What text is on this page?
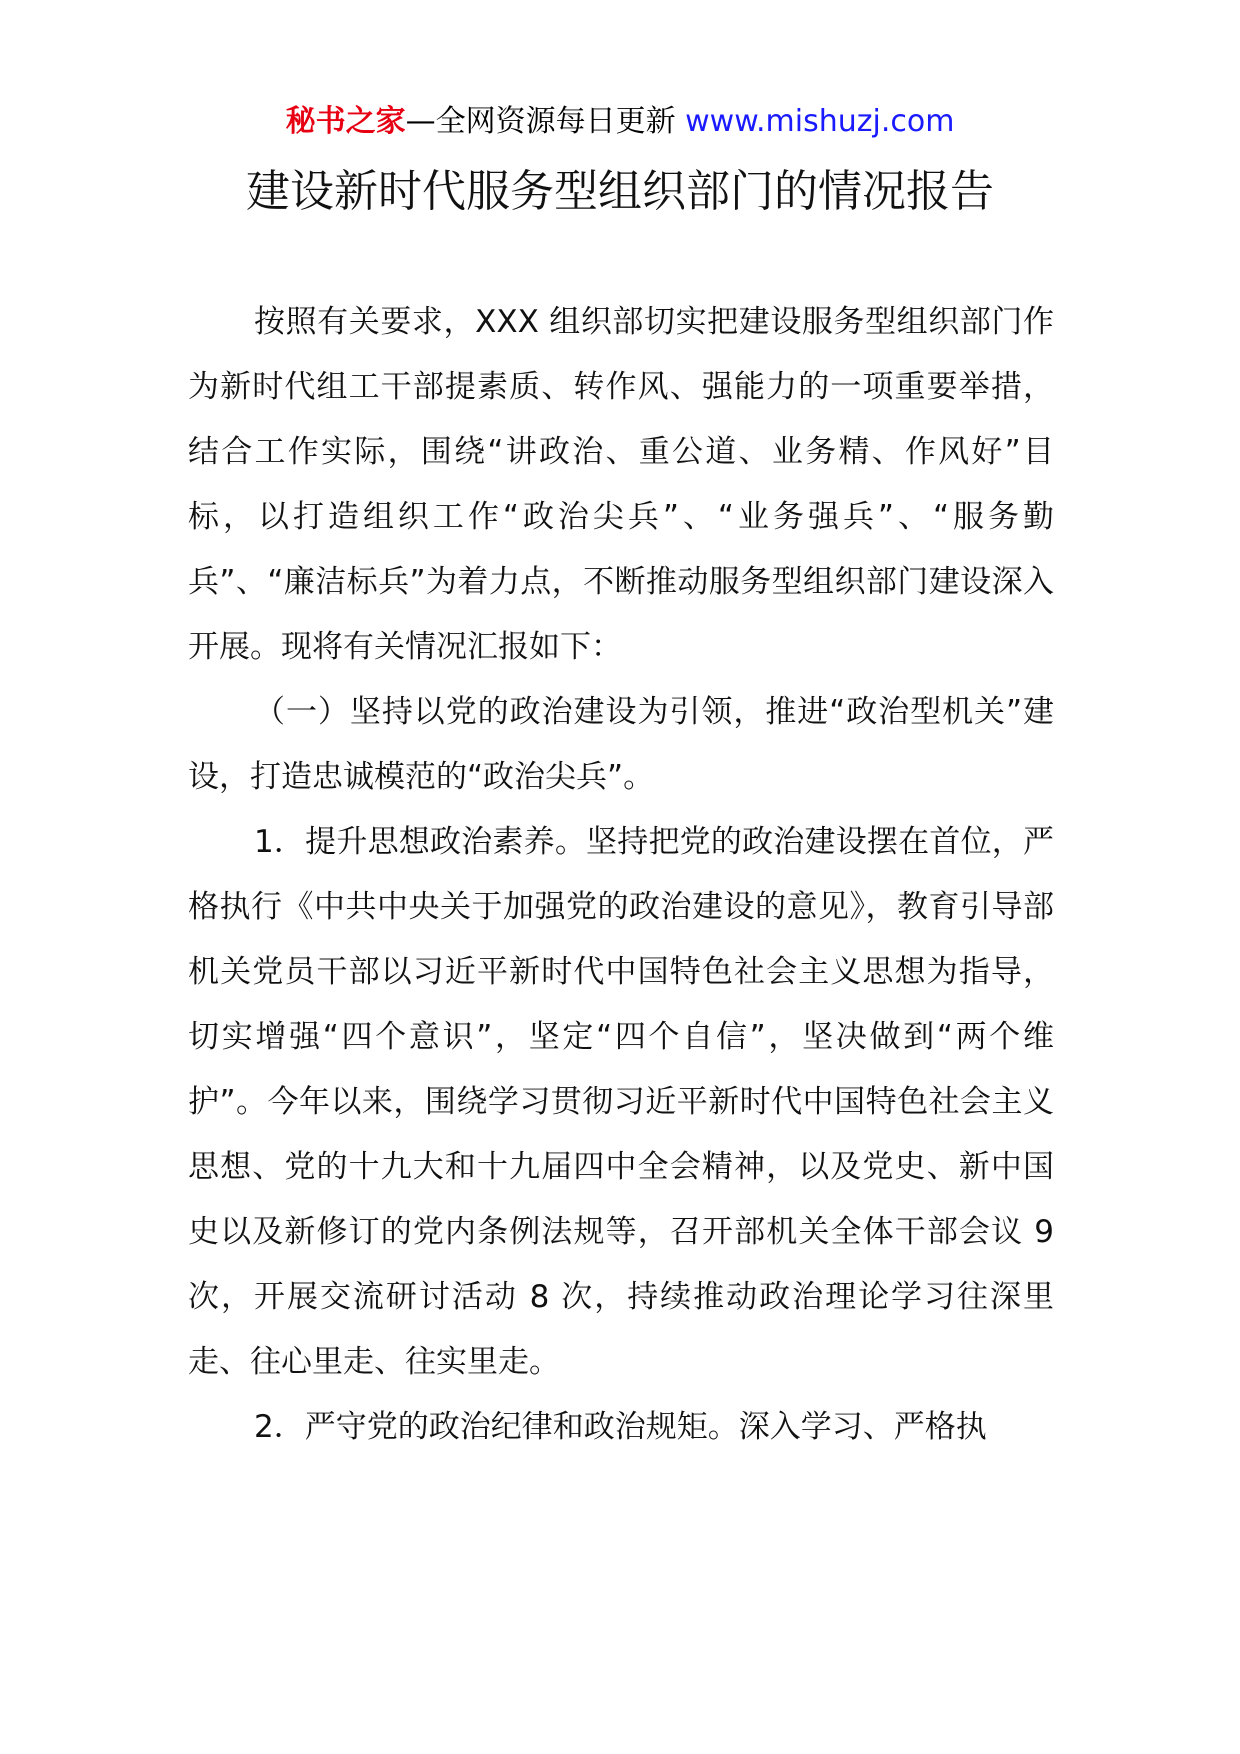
秘书之家—全网资源每日更新 www.mishuzj.com
建设新时代服务型组织部门的情况报告

按照有关要求，XXX 组织部切实把建设服务型组织部门作为新时代组工干部提素质、转作风、强能力的一项重要举措，结合工作实际，围绕“讲政治、重公道、业务精、作风好”目标，以打造组织工作“政治尖兵”、“业务强兵”、“服务勤兵”、“廉洁标兵”为着力点，不断推动服务型组织部门建设深入开展。现将有关情况汇报如下：

（一）坚持以党的政治建设为引领，推进“政治型机关”建设，打造忠诚模范的“政治尖兵”。

1．提升思想政治素养。坚持把党的政治建设摆在首位，严格执行《中共中央关于加强党的政治建设的意见》，教育引导部机关党员干部以习近平新时代中国特色社会主义思想为指导，切实增强“四个意识”，坚定“四个自信”，坚决做到“两个维护”。今年以来，围绕学习贯彻习近平新时代中国特色社会主义思想、党的十九大和十九届四中全会精神，以及党史、新中国史以及新修订的党内条例法规等，召开部机关全体干部会议 9 次，开展交流研讨活动 8 次，持续推动政治理论学习往深里走、往心里走、往实里走。

2．严守党的政治纪律和政治规矩。深入学习、严格执
